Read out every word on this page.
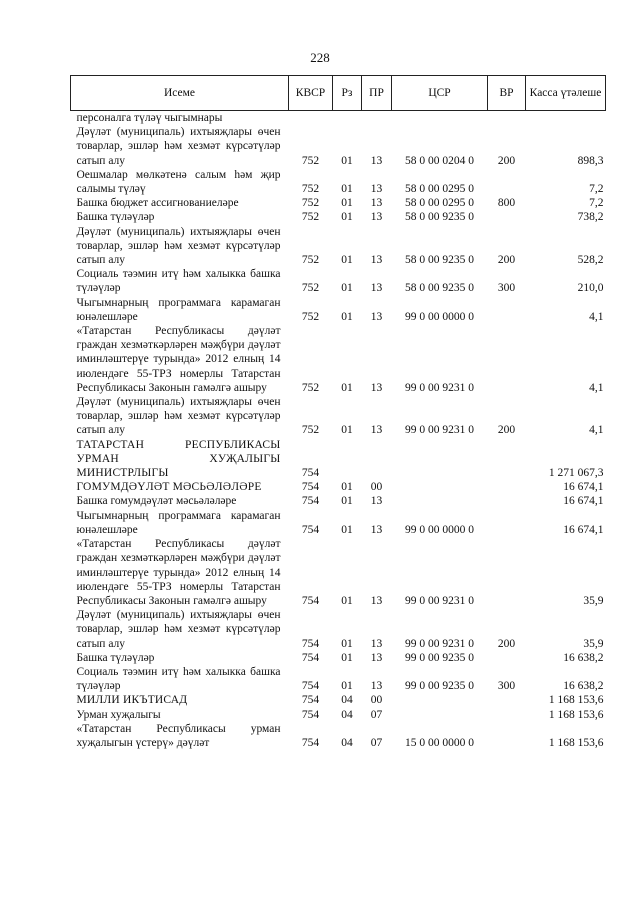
228
Исеме	КВСР	Рз	ПР	ЦСР	ВР	Касса үтәлеше
персоналга түләү чыгымнары						
Дәүләт (муниципаль) ихтыяҗлары өчен товарлар, эшләр һәм хезмәт күрсәтүләр сатып алу	752	01	13	58 0 00 0204 0	200	898,3
Оешмалар мөлкәтенә салым һәм җир салымы түләү	752	01	13	58 0 00 0295 0		7,2
Башка бюджет ассигнованиеләре	752	01	13	58 0 00 0295 0	800	7,2
Башка түләүләр	752	01	13	58 0 00 9235 0		738,2
Дәүләт (муниципаль) ихтыяҗлары өчен товарлар, эшләр һәм хезмәт күрсәтүләр сатып алу	752	01	13	58 0 00 9235 0	200	528,2
Социаль тәэмин итү һәм халыкка башка түләүләр	752	01	13	58 0 00 9235 0	300	210,0
Чыгымнарның программага карамаган юнәлешләре	752	01	13	99 0 00 0000 0		4,1
«Татарстан Республикасы дәүләт граждан хезмәткәрләрен мәҗбүри дәүләт иминләштерүе турында» 2012 елның 14 июлендәге 55-ТРЗ номерлы Татарстан Республикасы Законын гамәлгә ашыру	752	01	13	99 0 00 9231 0		4,1
Дәүләт (муниципаль) ихтыяҗлары өчен товарлар, эшләр һәм хезмәт күрсәтүләр сатып алу	752	01	13	99 0 00 9231 0	200	4,1
ТАТАРСТАН РЕСПУБЛИКАСЫ УРМАН ХУҖАЛЫГЫ МИНИСТРЛЫГЫ	754					1 271 067,3
ГОМУМДӘҮЛӘТ МӘСЬӘЛӘЛӘРЕ	754	01	00			16 674,1
Башка гомумдәүләт мәсьәләләре	754	01	13			16 674,1
Чыгымнарның программага карамаган юнәлешләре	754	01	13	99 0 00 0000 0		16 674,1
«Татарстан Республикасы дәүләт граждан хезмәткәрләрен мәҗбүри дәүләт иминләштерүе турында» 2012 елның 14 июлендәге 55-ТРЗ номерлы Татарстан Республикасы Законын гамәлгә ашыру	754	01	13	99 0 00 9231 0		35,9
Дәүләт (муниципаль) ихтыяҗлары өчен товарлар, эшләр һәм хезмәт күрсәтүләр сатып алу	754	01	13	99 0 00 9231 0	200	35,9
Башка түләүләр	754	01	13	99 0 00 9235 0		16 638,2
Социаль тәэмин итү һәм халыкка башка түләүләр	754	01	13	99 0 00 9235 0	300	16 638,2
МИЛЛИ ИКЪТИСАД	754	04	00			1 168 153,6
Урман хуҗалыгы	754	04	07			1 168 153,6
«Татарстан Республикасы урман хуҗалыгын үстерү» дәүләт	754	04	07	15 0 00 0000 0		1 168 153,6
